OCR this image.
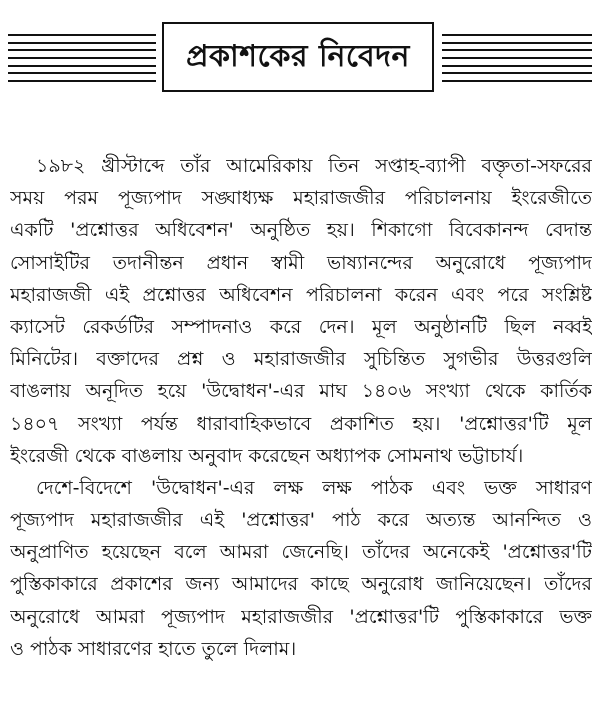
প্রকাশকের নিবেদন
১৯৮২ খ্রীস্টাব্দে তাঁর আমেরিকায় তিন সপ্তাহ-ব্যাপী বক্তৃতা-সফরের
সময় পরম পূজ্যপাদ সঙ্ঘাধ্যক্ষ মহারাজজীর পরিচালনায় ইংরেজীতে
একটি 'প্রশ্নোত্তর অধিবেশন' অনুষ্ঠিত হয়। শিকাগো বিবেকানন্দ বেদান্ত
সোসাইটির তদানীন্তন প্রধান স্বামী ভাষ্যানন্দের অনুরোধে পূজ্যপাদ
মহারাজজী এই প্রশ্নোত্তর অধিবেশন পরিচালনা করেন এবং পরে সংশ্লিষ্ট
ক্যাসেট রেকর্ডটির সম্পাদনাও করে দেন। মূল অনুষ্ঠানটি ছিল নব্বই
মিনিটের। বক্তাদের প্রশ্ন ও মহারাজজীর সুচিন্তিত সুগভীর উত্তরগুলি
বাঙলায় অনূদিত হয়ে 'উদ্বোধন'-এর মাঘ ১৪০৬ সংখ্যা থেকে কার্তিক
১৪০৭ সংখ্যা পর্যন্ত ধারাবাহিকভাবে প্রকাশিত হয়। 'প্রশ্নোত্তর'টি মূল
ইংরেজী থেকে বাঙলায় অনুবাদ করেছেন অধ্যাপক সোমনাথ ভট্টাচার্য।
দেশে-বিদেশে 'উদ্বোধন'-এর লক্ষ লক্ষ পাঠক এবং ভক্ত সাধারণ
পূজ্যপাদ মহারাজজীর এই 'প্রশ্নোত্তর' পাঠ করে অত্যন্ত আনন্দিত ও
অনুপ্রাণিত হয়েছেন বলে আমরা জেনেছি। তাঁদের অনেকেই 'প্রশ্নোত্তর'টি
পুস্তিকাকারে প্রকাশের জন্য আমাদের কাছে অনুরোধ জানিয়েছেন। তাঁদের
অনুরোধে আমরা পূজ্যপাদ মহারাজজীর 'প্রশ্নোত্তর'টি পুস্তিকাকারে ভক্ত
ও পাঠক সাধারণের হাতে তুলে দিলাম।
